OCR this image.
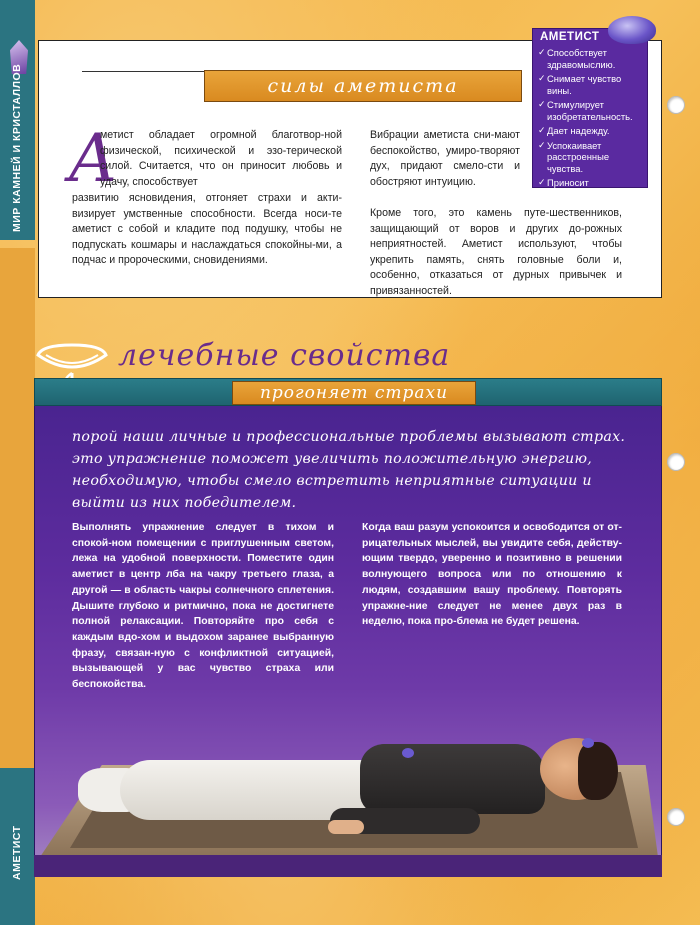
МИР КАМНЕЙ И КРИСТАЛЛОВ
АМЕТИСТ
силы аметиста
А
метист обладает огромной благотвор-ной физической, психической и эзо-терической силой. Считается, что он приносит любовь и удачу, способствует
развитию ясновидения, отгоняет страхи и акти-визирует умственные способности. Всегда носи-те аметист с собой и кладите под подушку, чтобы не подпускать кошмары и наслаждаться спокойны-ми, а подчас и пророческими, сновидениями.
Вибрации аметиста сни-мают беспокойство, умиро-творяют дух, придают смело-сти и обостряют интуицию.
Кроме того, это камень путе-шественников, защищающий от воров и других до-рожных неприятностей. Аметист используют, чтобы укрепить память, снять головные боли и, особенно, отказаться от дурных привычек и привязанностей.
АМЕТИСТ
✓ Способствует здравомыслию.
✓ Снимает чувство вины.
✓ Стимулирует изобретательность.
✓ Дает надежду.
✓ Успокаивает расстроенные чувства.
✓ Приносит благополучие.
лечебные свойства
прогоняет страхи
порой наши личные и профессиональные проблемы вызывают страх. это упражнение поможет увеличить положительную энергию, необходимую, чтобы смело встретить неприятные ситуации и выйти из них победителем.
Выполнять упражнение следует в тихом и спокой-ном помещении с приглушенным светом, лежа на удобной поверхности. Поместите один аметист в центр лба на чакру третьего глаза, а другой — в область чакры солнечного сплетения. Дышите глубоко и ритмично, пока не достигнете полной релаксации. Повторяйте про себя с каждым вдо-хом и выдохом заранее выбранную фразу, связан-ную с конфликтной ситуацией, вызывающей у вас чувство страха или беспокойства.
Когда ваш разум успокоится и освободится от от-рицательных мыслей, вы увидите себя, действу-ющим твердо, уверенно и позитивно в решении волнующего вопроса или по отношению к людям, создавшим вашу проблему. Повторять упражне-ние следует не менее двух раз в неделю, пока про-блема не будет решена.
